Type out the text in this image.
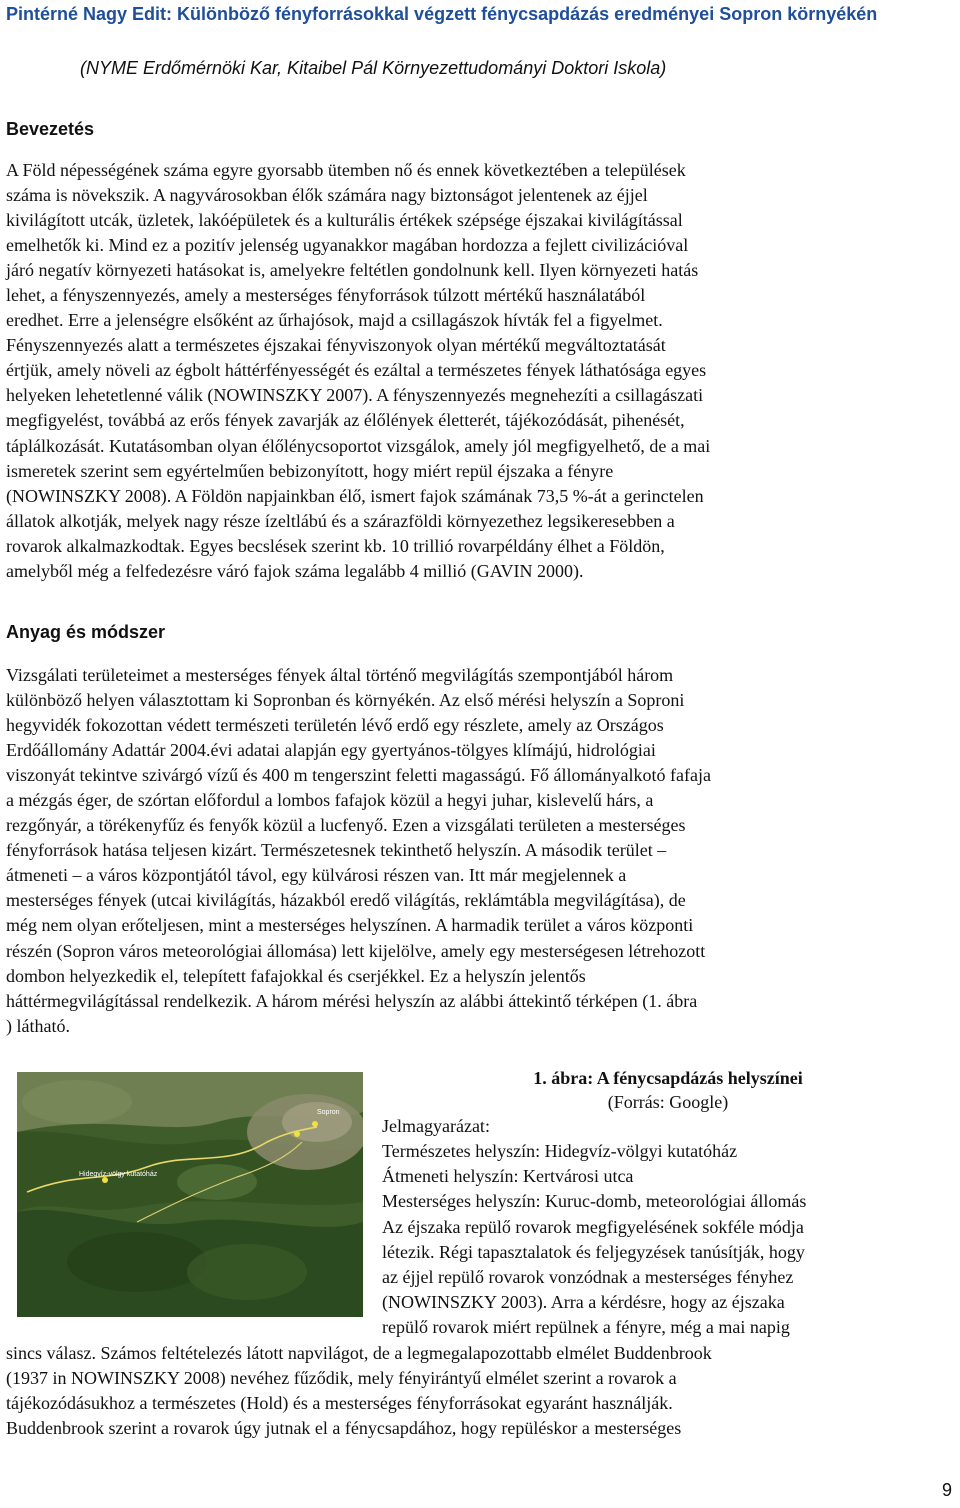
Pintérné Nagy Edit: Különböző fényforrásokkal végzett fénycsapdázás eredményei Sopron környékén

(NYME Erdőmérnöki Kar, Kitaibel Pál Környezettudományi Doktori Iskola)

Bevezetés

A Föld népességének száma egyre gyorsabb ütemben nő és ennek következtében a települések
száma is növekszik. A nagyvárosokban élők számára nagy biztonságot jelentenek az éjjel
kivilágított utcák, üzletek, lakóépületek és a kulturális értékek szépsége éjszakai kivilágítással
emelhetők ki. Mind ez a pozitív jelenség ugyanakkor magában hordozza a fejlett civilizációval
járó negatív környezeti hatásokat is, amelyekre feltétlen gondolnunk kell. Ilyen környezeti hatás
lehet, a fényszennyezés, amely a mesterséges fényforrások túlzott mértékű használatából
eredhet. Erre a jelenségre elsőként az űrhajósok, majd a csillagászok hívták fel a figyelmet.
Fényszennyezés alatt a természetes éjszakai fényviszonyok olyan mértékű megváltoztatását
értjük, amely növeli az égbolt háttérfényességét és ezáltal a természetes fények láthatósága egyes
helyeken lehetetlenné válik (NOWINSZKY 2007). A fényszennyezés megnehezíti a csillagászati
megfigyelést, továbbá az erős fények zavarják az élőlények életterét, tájékozódását, pihenését,
táplálkozását. Kutatásomban olyan élőlénycsoportot vizsgálok, amely jól megfigyelhető, de a mai
ismeretek szerint sem egyértelműen bebizonyított, hogy miért repül éjszaka a fényre
(NOWINSZKY 2008). A Földön napjainkban élő, ismert fajok számának 73,5 %-át a gerinctelen
állatok alkotják, melyek nagy része ízeltlábú és a szárazföldi környezethez legsikeresebben a
rovarok alkalmazkodtak. Egyes becslések szerint kb. 10 trillió rovarpéldány élhet a Földön,
amelyből még a felfedezésre váró fajok száma legalább 4 millió (GAVIN 2000).

Anyag és módszer

Vizsgálati területeimet a mesterséges fények által történő megvilágítás szempontjából három
különböző helyen választottam ki Sopronban és környékén. Az első mérési helyszín a Soproni
hegyvidék fokozottan védett természeti területén lévő erdő egy részlete, amely az Országos
Erdőállomány Adattár 2004.évi adatai alapján egy gyertyános-tölgyes klímájú, hidrológiai
viszonyát tekintve szivárgó vízű és 400 m tengerszint feletti magasságú. Fő állományalkotó fafaja
a mézgás éger, de szórtan előfordul a lombos fafajok közül a hegyi juhar, kislevelű hárs, a
rezgőnyár, a törékenyfűz és fenyők közül a lucfenyő. Ezen a vizsgálati területen a mesterséges
fényforrások hatása teljesen kizárt. Természetesnek tekinthető helyszín. A második terület –
átmeneti – a város központjától távol, egy külvárosi részen van. Itt már megjelennek a
mesterséges fények (utcai kivilágítás, házakból eredő világítás, reklámtábla megvilágítása), de
még nem olyan erőteljesen, mint a mesterséges helyszínen. A harmadik terület a város központi
részén (Sopron város meteorológiai állomása) lett kijelölve, amely egy mesterségesen létrehozott
dombon helyezkedik el, telepített fafajokkal és cserjékkel. Ez a helyszín jelentős
háttérmegvilágítással rendelkezik. A három mérési helyszín az alábbi áttekintő térképen (1. ábra
) látható.

Hidegvíz-völgy kutatóház
Sopron

1. ábra: A fénycsapdázás helyszínei

(Forrás: Google)

Jelmagyarázat:
Természetes helyszín: Hidegvíz-völgyi kutatóház
Átmeneti helyszín: Kertvárosi utca
Mesterséges helyszín: Kuruc-domb, meteorológiai állomás

Az éjszaka repülő rovarok megfigyelésének sokféle módja
létezik. Régi tapasztalatok és feljegyzések tanúsítják, hogy
az éjjel repülő rovarok vonzódnak a mesterséges fényhez
(NOWINSZKY 2003). Arra a kérdésre, hogy az éjszaka
repülő rovarok miért repülnek a fényre, még a mai napig

sincs válasz. Számos feltételezés látott napvilágot, de a legmegalapozottabb elmélet Buddenbrook
(1937 in NOWINSZKY 2008) nevéhez fűződik, mely fényirántyű elmélet szerint a rovarok a
tájékozódásukhoz a természetes (Hold) és a mesterséges fényforrásokat egyaránt használják.
Buddenbrook szerint a rovarok úgy jutnak el a fénycsapdához, hogy repüléskor a mesterséges

9
